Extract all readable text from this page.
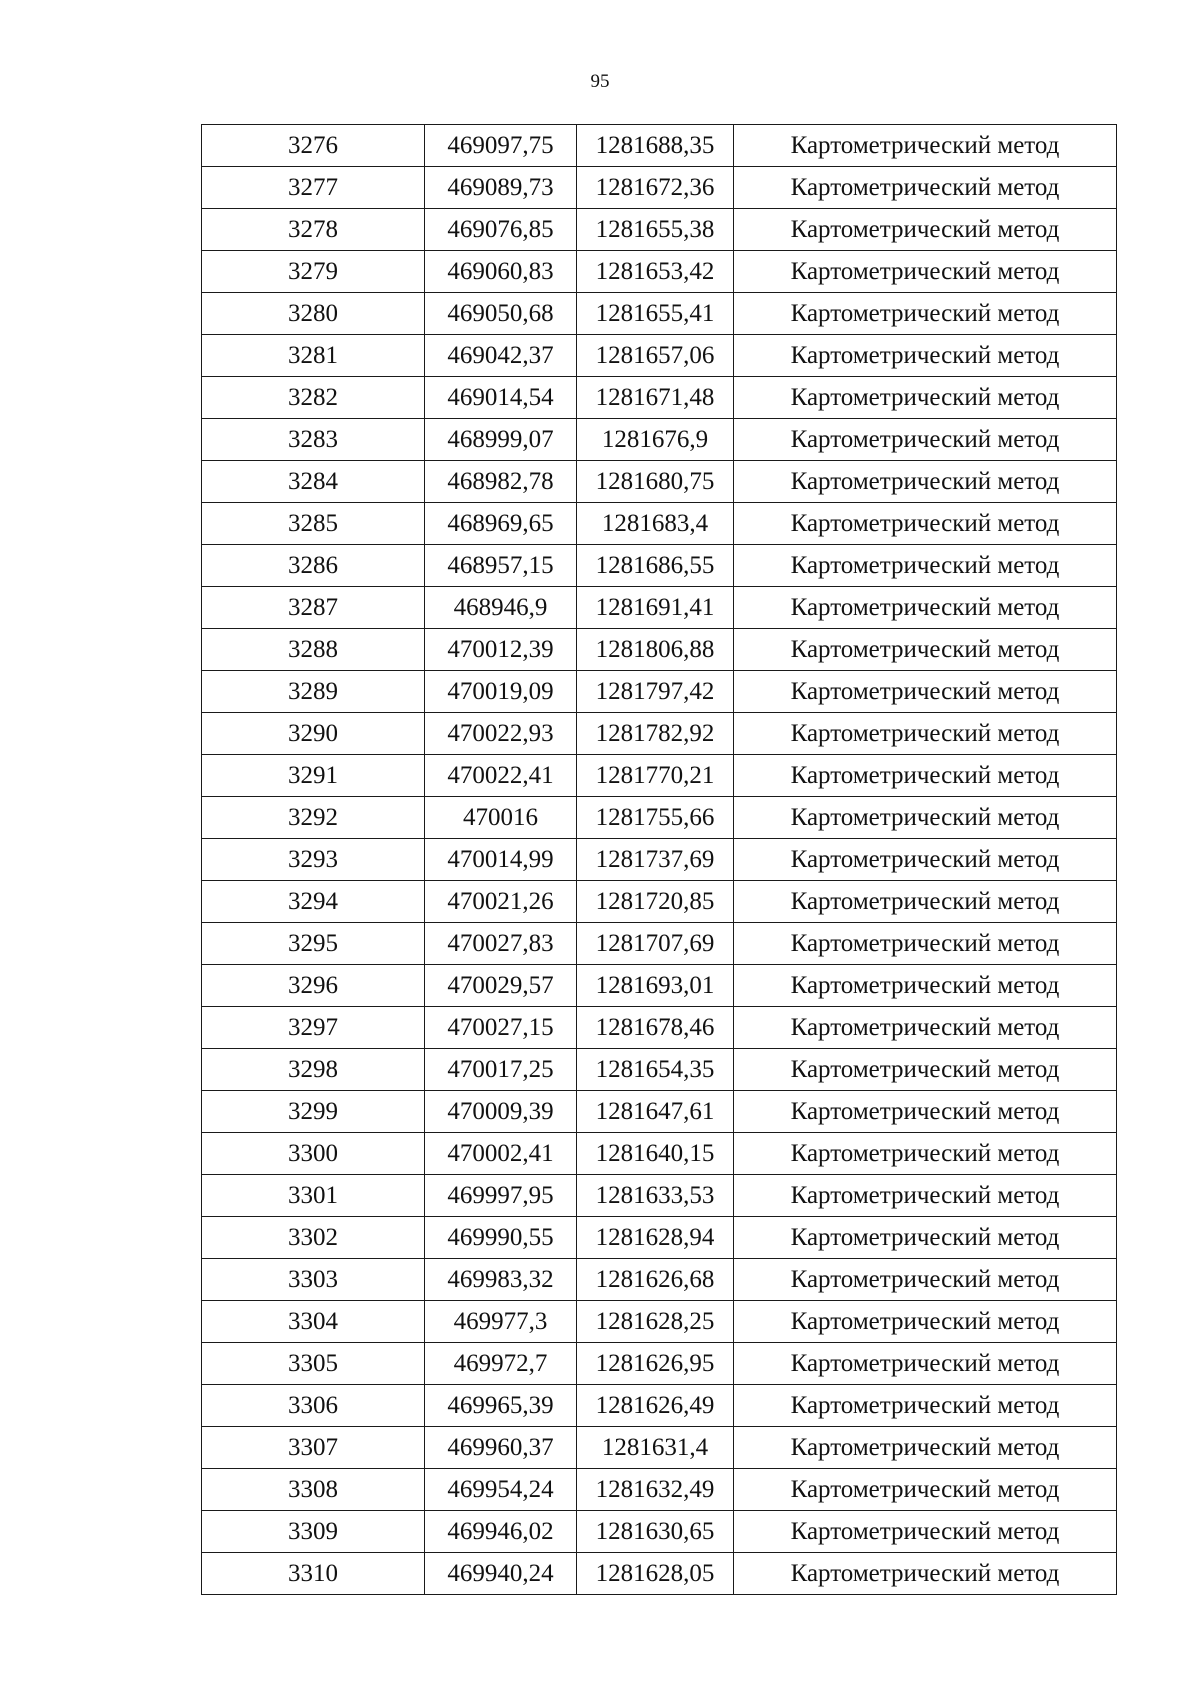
95
3276	469097,75	1281688,35	Картометрический метод
3277	469089,73	1281672,36	Картометрический метод
3278	469076,85	1281655,38	Картометрический метод
3279	469060,83	1281653,42	Картометрический метод
3280	469050,68	1281655,41	Картометрический метод
3281	469042,37	1281657,06	Картометрический метод
3282	469014,54	1281671,48	Картометрический метод
3283	468999,07	1281676,9	Картометрический метод
3284	468982,78	1281680,75	Картометрический метод
3285	468969,65	1281683,4	Картометрический метод
3286	468957,15	1281686,55	Картометрический метод
3287	468946,9	1281691,41	Картометрический метод
3288	470012,39	1281806,88	Картометрический метод
3289	470019,09	1281797,42	Картометрический метод
3290	470022,93	1281782,92	Картометрический метод
3291	470022,41	1281770,21	Картометрический метод
3292	470016	1281755,66	Картометрический метод
3293	470014,99	1281737,69	Картометрический метод
3294	470021,26	1281720,85	Картометрический метод
3295	470027,83	1281707,69	Картометрический метод
3296	470029,57	1281693,01	Картометрический метод
3297	470027,15	1281678,46	Картометрический метод
3298	470017,25	1281654,35	Картометрический метод
3299	470009,39	1281647,61	Картометрический метод
3300	470002,41	1281640,15	Картометрический метод
3301	469997,95	1281633,53	Картометрический метод
3302	469990,55	1281628,94	Картометрический метод
3303	469983,32	1281626,68	Картометрический метод
3304	469977,3	1281628,25	Картометрический метод
3305	469972,7	1281626,95	Картометрический метод
3306	469965,39	1281626,49	Картометрический метод
3307	469960,37	1281631,4	Картометрический метод
3308	469954,24	1281632,49	Картометрический метод
3309	469946,02	1281630,65	Картометрический метод
3310	469940,24	1281628,05	Картометрический метод
